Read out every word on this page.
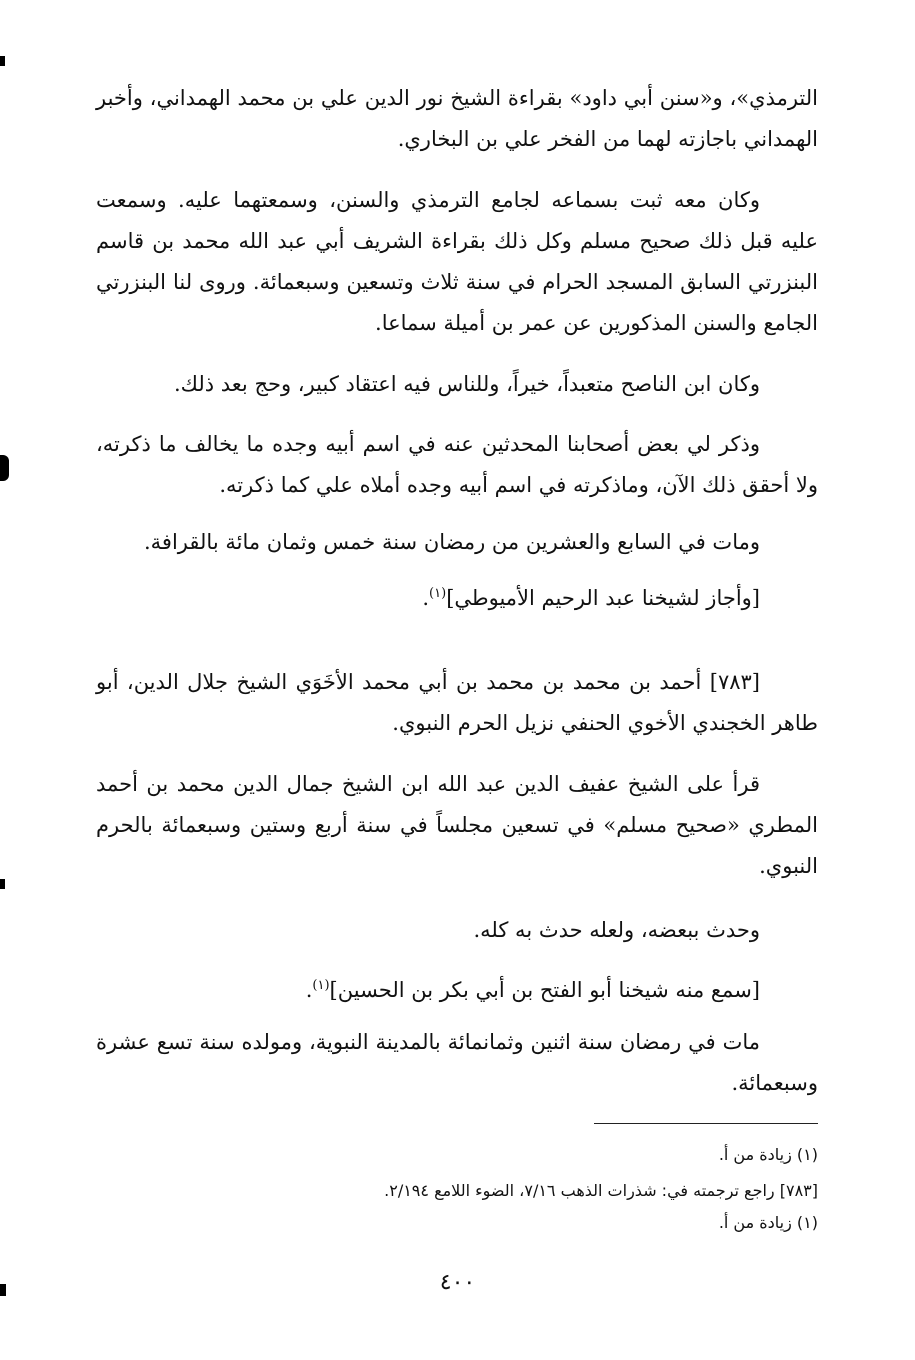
الترمذي»، و«سنن أبي داود» بقراءة الشيخ نور الدين علي بن محمد الهمداني، وأخبر الهمداني باجازته لهما من الفخر علي بن البخاري.

وكان معه ثبت بسماعه لجامع الترمذي والسنن، وسمعتهما عليه. وسمعت عليه قبل ذلك صحيح مسلم وكل ذلك بقراءة الشريف أبي عبد الله محمد بن قاسم البنزرتي السابق المسجد الحرام في سنة ثلاث وتسعين وسبعمائة. وروى لنا البنزرتي الجامع والسنن المذكورين عن عمر بن أميلة سماعا.

وكان ابن الناصح متعبداً، خيراً، وللناس فيه اعتقاد كبير، وحج بعد ذلك.

وذكر لي بعض أصحابنا المحدثين عنه في اسم أبيه وجده ما يخالف ما ذكرته، ولا أحقق ذلك الآن، وماذكرته في اسم أبيه وجده أملاه علي كما ذكرته.

ومات في السابع والعشرين من رمضان سنة خمس وثمان مائة بالقرافة.

[وأجاز لشيخنا عبد الرحيم الأميوطي]$^{(١)}$.

[٧٨٣] أحمد بن محمد بن محمد بن أبي محمد الأخَوَي الشيخ جلال الدين، أبو طاهر الخجندي الأخوي الحنفي نزيل الحرم النبوي.

قرأ على الشيخ عفيف الدين عبد الله ابن الشيخ جمال الدين محمد بن أحمد المطري «صحيح مسلم» في تسعين مجلساً في سنة أربع وستين وسبعمائة بالحرم النبوي.

وحدث ببعضه، ولعله حدث به كله.

[سمع منه شيخنا أبو الفتح بن أبي بكر بن الحسين]$^{(١)}$.

مات في رمضان سنة اثنين وثمانمائة بالمدينة النبوية، ومولده سنة تسع عشرة وسبعمائة.

(١) زيادة من أ.

[٧٨٣] راجع ترجمته في: شذرات الذهب ٧/١٦، الضوء اللامع ٢/١٩٤.

(١) زيادة من أ.

٤٠٠
